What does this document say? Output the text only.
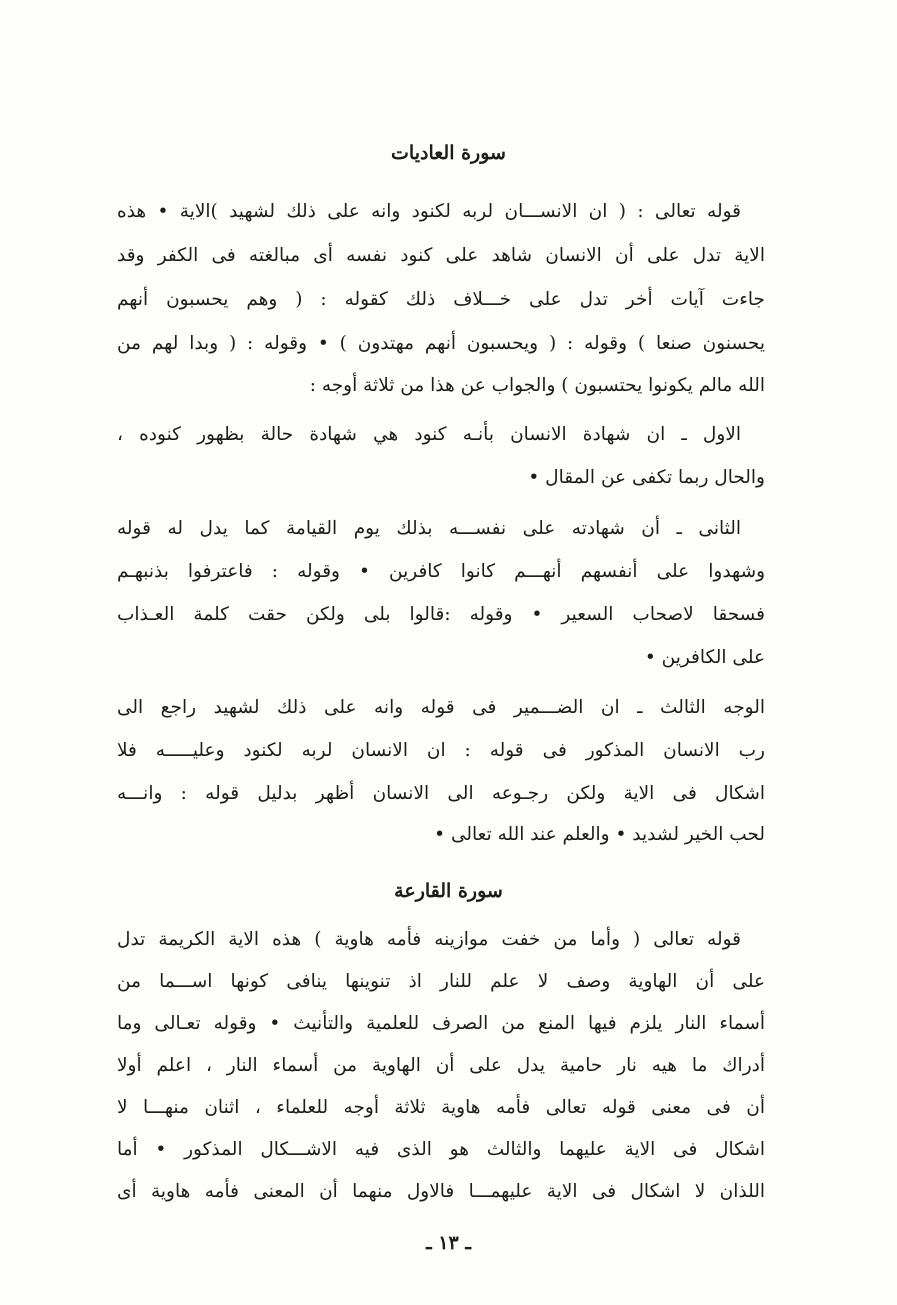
سورة العاديات
قوله تعالى : ( ان الانســـان لربه لكنود وانه على ذلك لشهيد )الاية • هذه
الاية تدل على أن الانسان شاهد على كنود نفسه أى مبالغته فى الكفر وقد
جاءت آيات أخر تدل على خـــلاف ذلك كقوله : ( وهم يحسبون أنهم
يحسنون صنعا ) وقوله : ( ويحسبون أنهم مهتدون ) • وقوله : ( وبدا لهم من
الله مالم يكونوا يحتسبون ) والجواب عن هذا من ثلاثة أوجه :
الاول ـ ان شهادة الانسان بأنـه كنود هي شهادة حالة بظهور كنوده ،
والحال ربما تكفى عن المقال •
الثانى ـ أن شهادته على نفســـه بذلك يوم القيامة كما يدل له قوله
وشهدوا على أنفسهم أنهـــم كانوا كافرين • وقوله : فاعترفوا بذنبهـم
فسحقا لاصحاب السعير • وقوله :قالوا بلى ولكن حقت كلمة العـذاب
على الكافرين •
الوجه الثالث ـ ان الضـــمير فى قوله وانه على ذلك لشهيد راجع الى
رب الانسان المذكور فى قوله : ان الانسان لربه لكنود وعليـــــه فلا
اشكال فى الاية ولكن رجـوعه الى الانسان أظهر بدليل قوله : وانـــه
لحب الخير لشديد • والعلم عند الله تعالى •
سورة القارعة
قوله تعالى ( وأما من خفت موازينه فأمه هاوية ) هذه الاية الكريمة تدل
على أن الهاوية وصف لا علم للنار اذ تنوينها ينافى كونها اســـما من
أسماء النار يلزم فيها المنع من الصرف للعلمية والتأنيث • وقوله تعـالى وما
أدراك ما هيه نار حامية يدل على أن الهاوية من أسماء النار ، اعلم أولا
أن فى معنى قوله تعالى فأمه هاوية ثلاثة أوجه للعلماء ، اثنان منهـــا لا
اشكال فى الاية عليهما والثالث هو الذى فيه الاشـــكال المذكور • أما
اللذان لا اشكال فى الاية عليهمـــا فالاول منهما أن المعنى فأمه هاوية أى
ـ ١٣ ـ
